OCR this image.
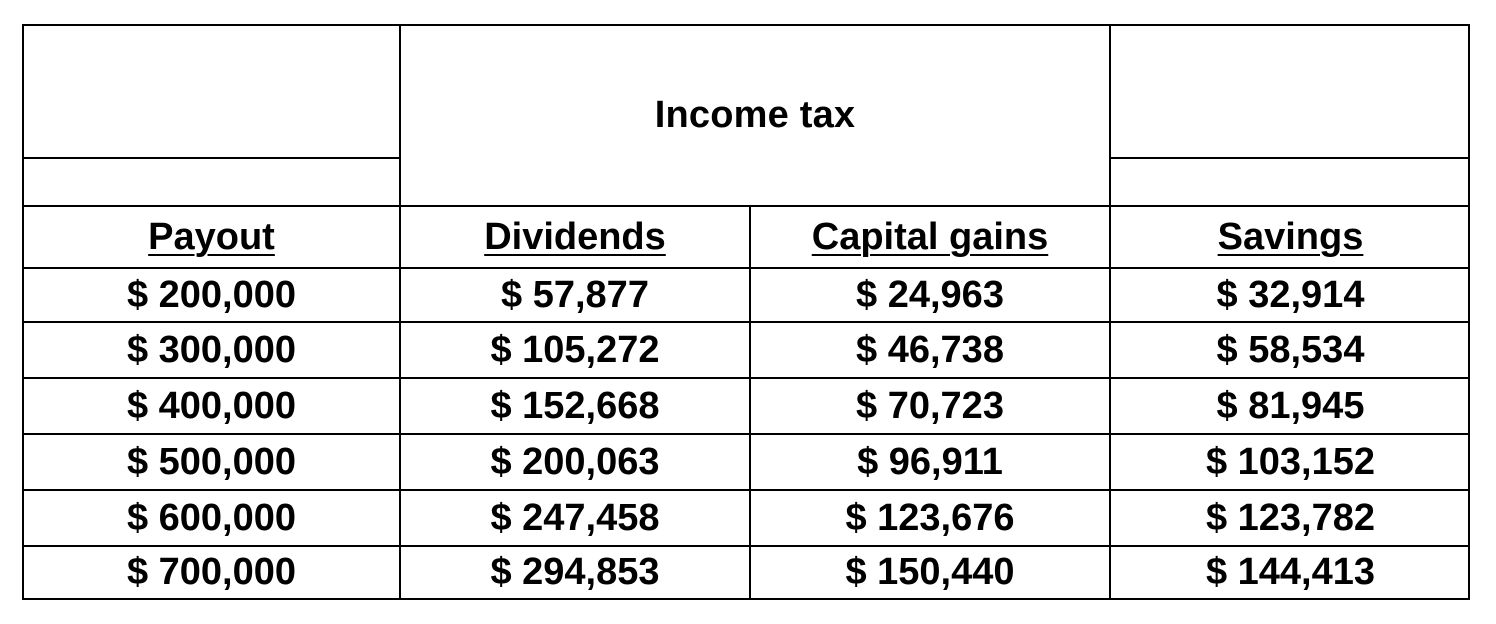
Income tax
Payout	Dividends	Capital gains	Savings
$ 200,000	$ 57,877	$ 24,963	$ 32,914
$ 300,000	$ 105,272	$ 46,738	$ 58,534
$ 400,000	$ 152,668	$ 70,723	$ 81,945
$ 500,000	$ 200,063	$ 96,911	$ 103,152
$ 600,000	$ 247,458	$ 123,676	$ 123,782
$ 700,000	$ 294,853	$ 150,440	$ 144,413
